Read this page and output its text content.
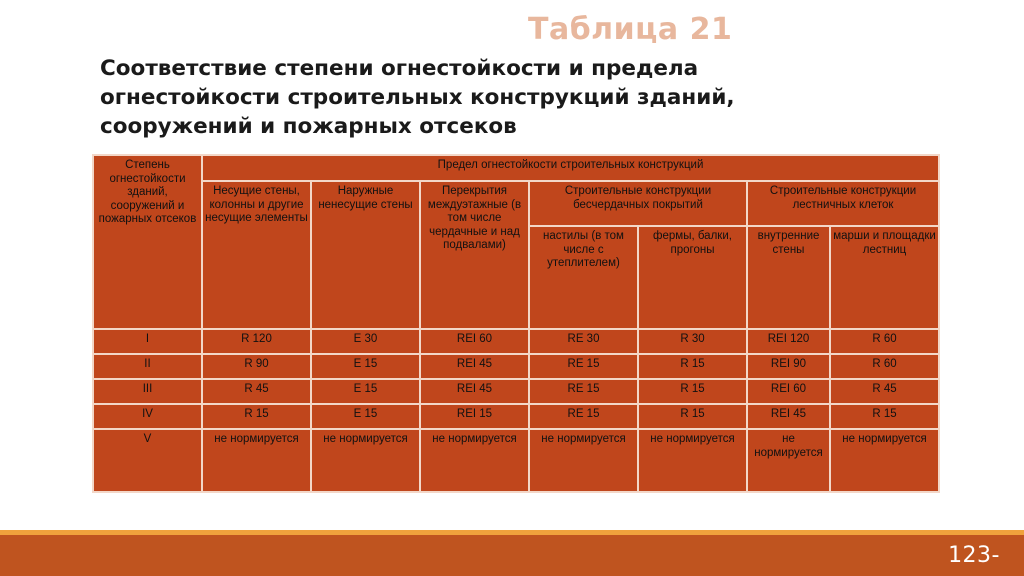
Таблица 21
Соответствие степени огнестойкости и предела
огнестойкости строительных конструкций зданий,
сооружений и пожарных отсеков
Степень огнестойкости зданий, сооружений и пожарных отсеков	Предел огнестойкости строительных конструкций						
	Несущие стены, колонны и другие несущие элементы	Наружные ненесущие стены	Перекрытия междуэтажные (в том числе чердачные и над подвалами)	Строительные конструкции бесчердачных покрытий		Строительные конструкции лестничных клеток	
				настилы (в том числе с утеплителем)	фермы, балки, прогоны	внутренние стены	марши и площадки лестниц
I	R 120	E 30	REI 60	RE 30	R 30	REI 120	R 60
II	R 90	E 15	REI 45	RE 15	R 15	REI 90	R 60
III	R 45	E 15	REI 45	RE 15	R 15	REI 60	R 45
IV	R 15	E 15	REI 15	RE 15	R 15	REI 45	R 15
V	не нормируется	не нормируется	не нормируется	не нормируется	не нормируется	не нормируется	не нормируется
123-
